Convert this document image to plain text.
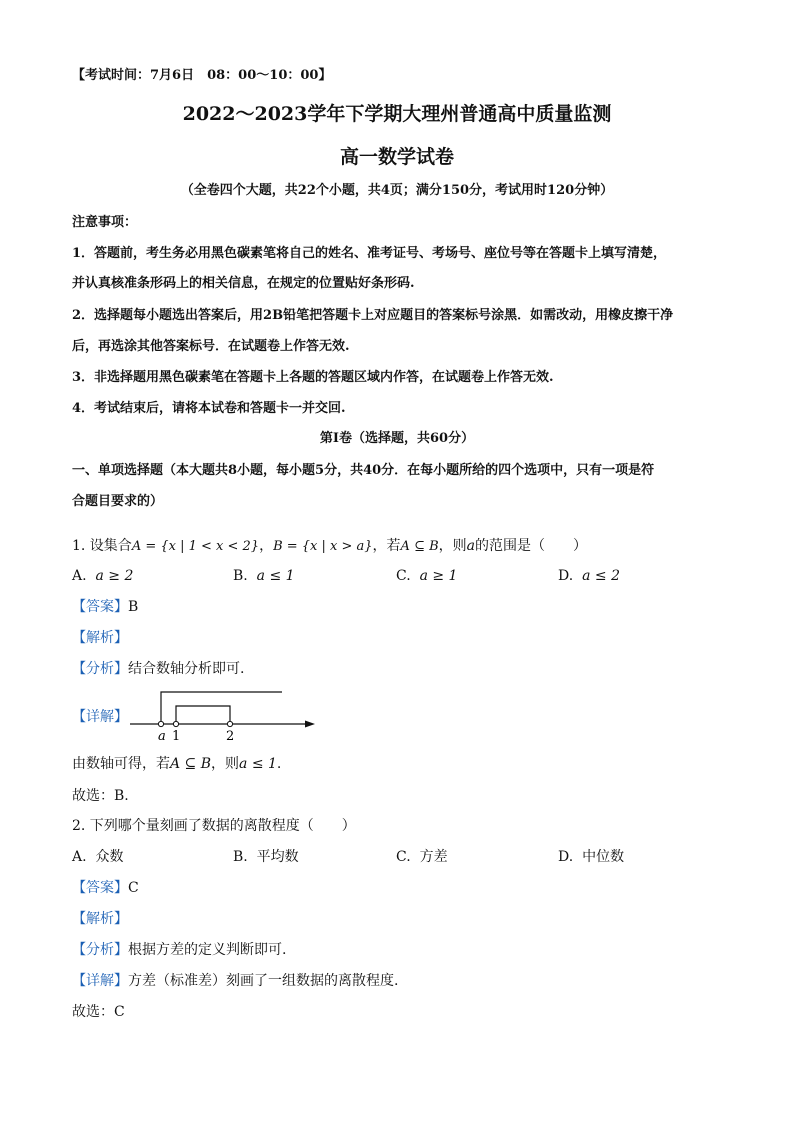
【考试时间：7月6日　08：00～10：00】
2022～2023学年下学期大理州普通高中质量监测
高一数学试卷
（全卷四个大题，共22个小题，共4页；满分150分，考试用时120分钟）
注意事项：
1．答题前，考生务必用黑色碳素笔将自己的姓名、准考证号、考场号、座位号等在答题卡上填写清楚，
并认真核准条形码上的相关信息，在规定的位置贴好条形码.
2．选择题每小题选出答案后，用2B铅笔把答题卡上对应题目的答案标号涂黑．如需改动，用橡皮擦干净
后，再选涂其他答案标号．在试题卷上作答无效.
3．非选择题用黑色碳素笔在答题卡上各题的答题区域内作答，在试题卷上作答无效.
4．考试结束后，请将本试卷和答题卡一并交回.
第Ⅰ卷（选择题，共60分）
一、单项选择题（本大题共8小题，每小题5分，共40分．在每小题所给的四个选项中，只有一项是符
合题目要求的）
1. 设集合A = {x | 1 < x < 2}，B = {x | x > a}，若A ⊆ B，则a的范围是（　　）
A. a ≥ 2	B. a ≤ 1	C. a ≥ 1	D. a ≤ 2
【答案】B
【解析】
【分析】结合数轴分析即可.
【详解】
a 1	2
由数轴可得，若A ⊆ B，则a ≤ 1.
故选：B.
2. 下列哪个量刻画了数据的离散程度（　　）
A. 众数	B. 平均数	C. 方差	D. 中位数
【答案】C
【解析】
【分析】根据方差的定义判断即可.
【详解】方差（标准差）刻画了一组数据的离散程度.
故选：C
